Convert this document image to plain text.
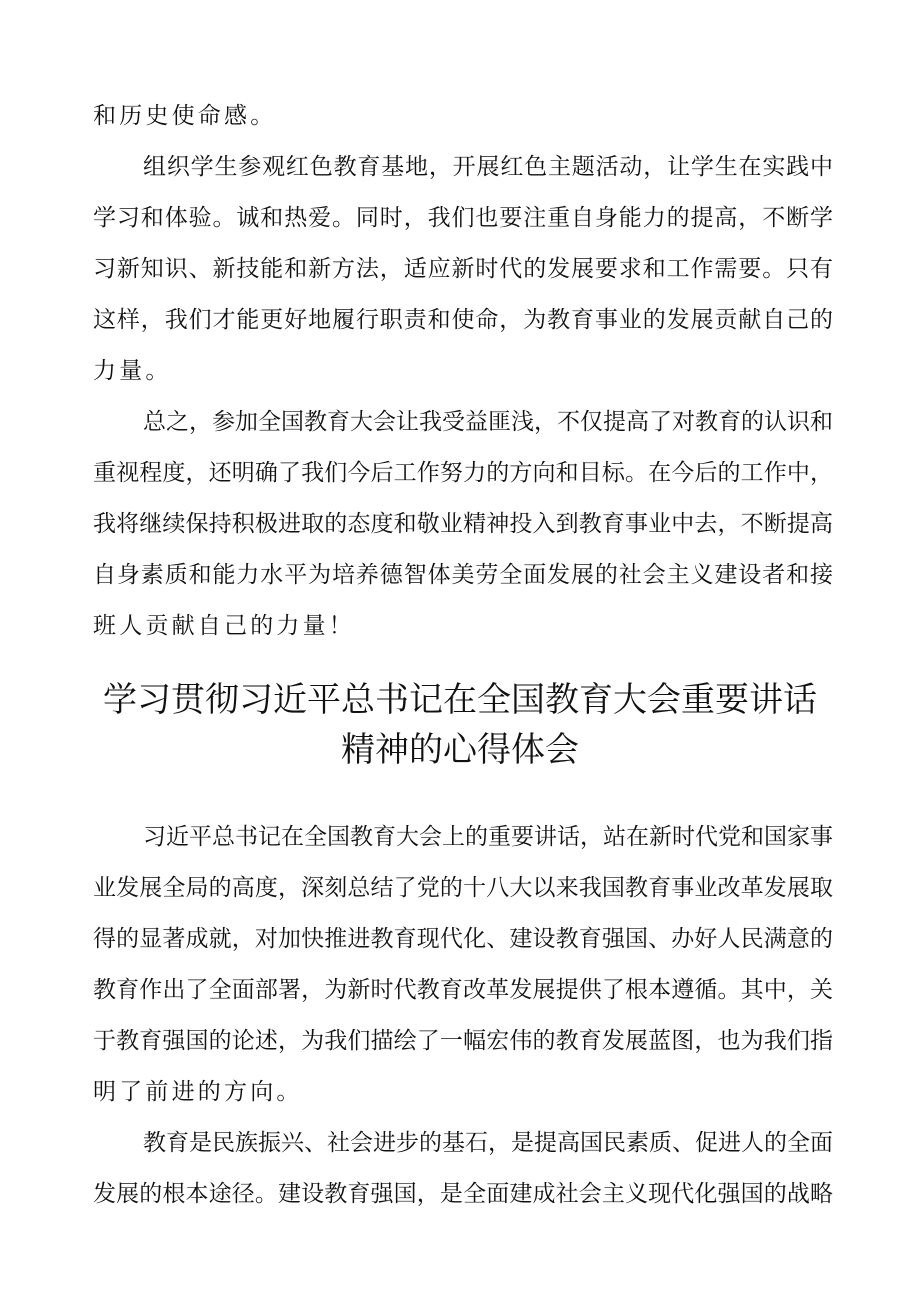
和历史使命感。
组织学生参观红色教育基地，开展红色主题活动，让学生在实践中
学习和体验。诚和热爱。同时，我们也要注重自身能力的提高，不断学
习新知识、新技能和新方法，适应新时代的发展要求和工作需要。只有
这样，我们才能更好地履行职责和使命，为教育事业的发展贡献自己的
力量。
总之，参加全国教育大会让我受益匪浅，不仅提高了对教育的认识和
重视程度，还明确了我们今后工作努力的方向和目标。在今后的工作中，
我将继续保持积极进取的态度和敬业精神投入到教育事业中去，不断提高
自身素质和能力水平为培养德智体美劳全面发展的社会主义建设者和接
班人贡献自己的力量！
学习贯彻习近平总书记在全国教育大会重要讲话
精神的心得体会
习近平总书记在全国教育大会上的重要讲话，站在新时代党和国家事
业发展全局的高度，深刻总结了党的十八大以来我国教育事业改革发展取
得的显著成就，对加快推进教育现代化、建设教育强国、办好人民满意的
教育作出了全面部署，为新时代教育改革发展提供了根本遵循。其中，关
于教育强国的论述，为我们描绘了一幅宏伟的教育发展蓝图，也为我们指
明了前进的方向。
教育是民族振兴、社会进步的基石，是提高国民素质、促进人的全面
发展的根本途径。建设教育强国，是全面建成社会主义现代化强国的战略
